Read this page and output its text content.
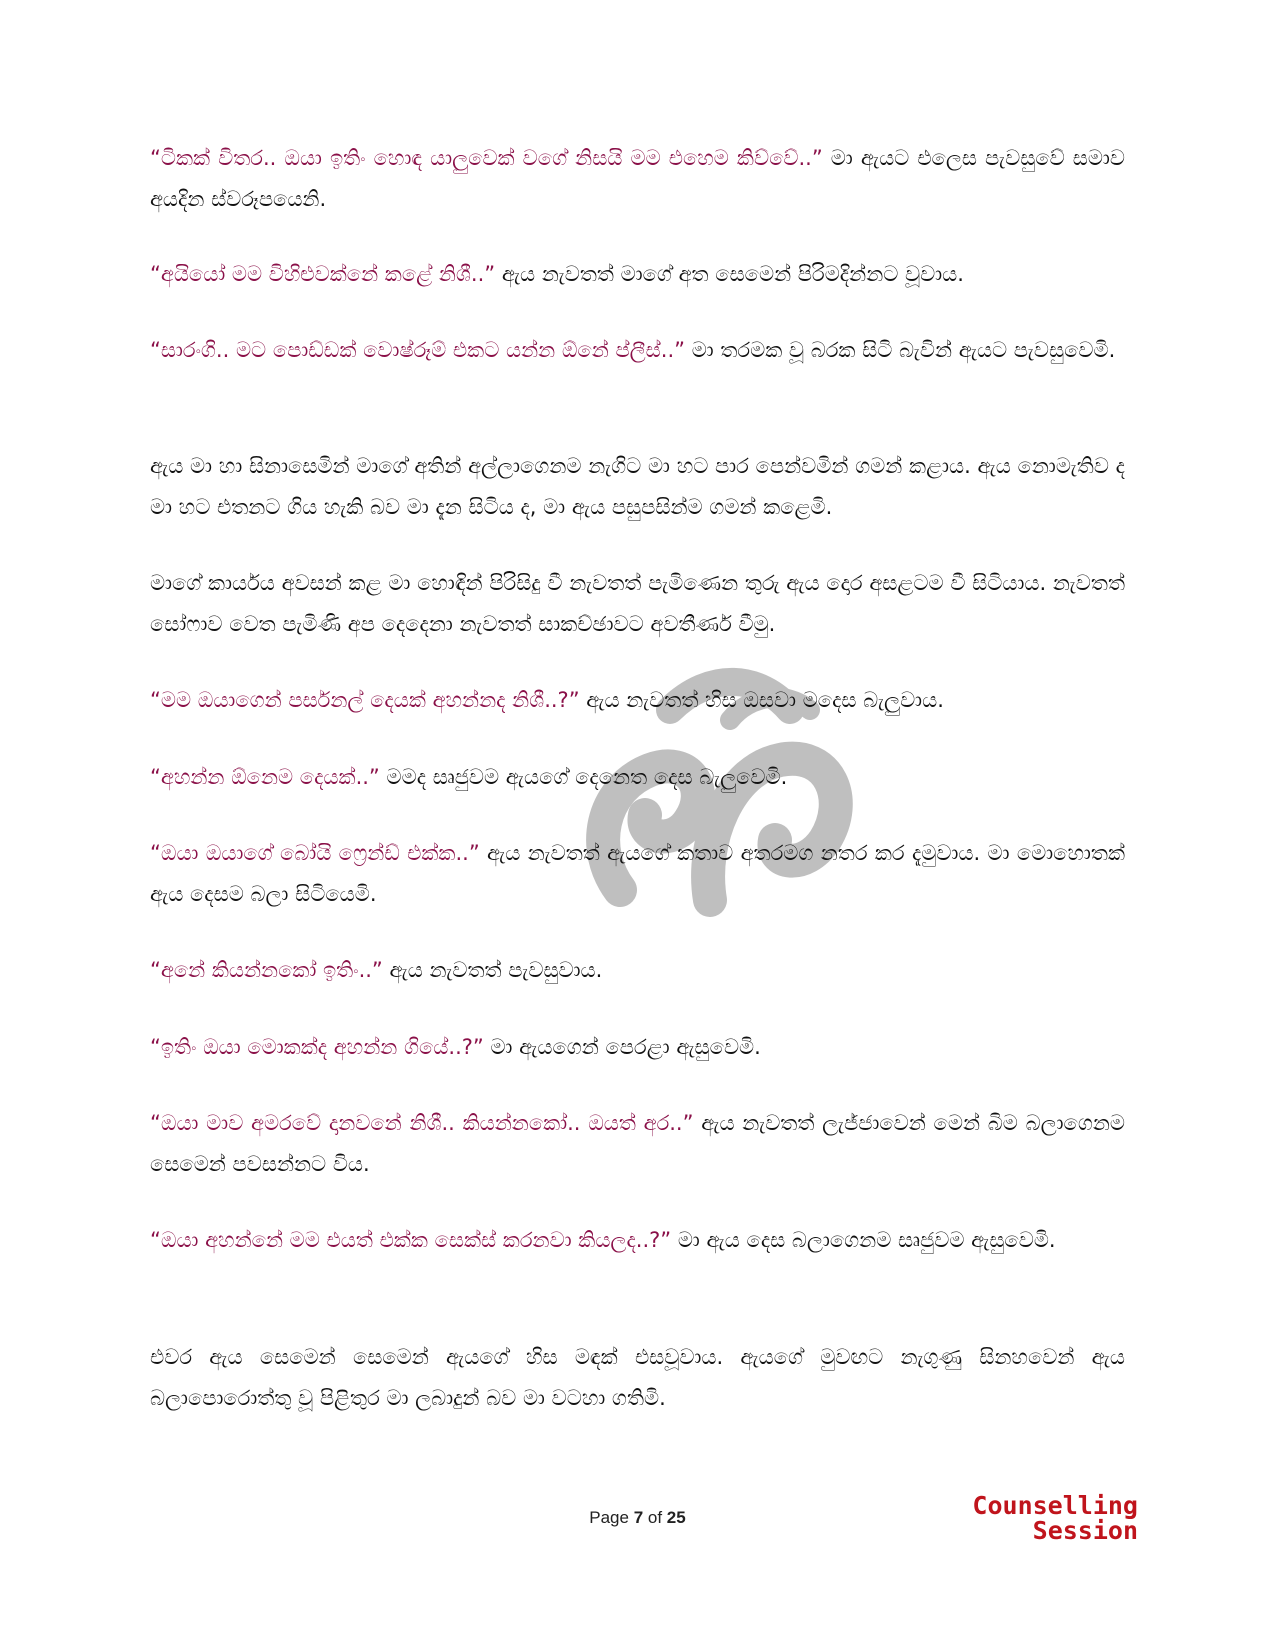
“ටිකක් විතර.. ඔයා ඉතිං හොඳ යාලුවෙක් වගේ නිසයි මම එහෙම කිව්වේ..” මා ඇයට එලෙස පැවසුවේ සමාව අයදින ස්වරූපයෙනි.

“අයියෝ මම විහිළුවක්නේ කළේ නිශී..” ඇය නැවතත් මාගේ අත සෙමෙන් පිරිමදින්නට වූවාය.

“සාරංගි.. මට පොඩ්ඩක් වොෂ්රූම් එකට යන්න ඕනේ ප්ලීස්..” මා තරමක වූ බරක සිටි බැවින් ඇයට පැවසුවෙමි.

ඇය මා හා සිනාසෙමින් මාගේ අතින් අල්ලාගෙනම නැගිට මා හට පාර පෙන්වමින් ගමන් කළාය. ඇය නොමැතිව ද මා හට එතනට ගිය හැකි බව මා දැන සිටිය ද, මා ඇය පසුපසින්ම ගමන් කළෙමි.

මාගේ කාර්යය අවසන් කළ මා හොඳින් පිරිසිදු වී නැවතත් පැමිණෙන තුරු ඇය දොර අසළටම වී සිටියාය. නැවතත් සෝෆාව වෙත පැමිණි අප දෙදෙනා නැවතත් සාකච්ඡාවට අවතීර්ණ වීමු.

“මම ඔයාගෙන් පර්සනල් දෙයක් අහන්නද නිශී..?” ඇය නැවතත් හිස ඔසවා මදෙස බැලුවාය.

“අහන්න ඕනෙම දෙයක්..” මමද සෘජුවම ඇයගේ දෙනෙත දෙස බැලුවෙමි.

“ඔයා ඔයාගේ බෝයි ෆ්‍රෙන්ඩ් එක්ක..” ඇය නැවතත් ඇයගේ කතාව අතරමග නතර කර දැමුවාය. මා මොහොතක් ඇය දෙසම බලා සිටියෙමි.

“අනේ කියන්නකෝ ඉතිං..” ඇය නැවතත් පැවසුවාය.

“ඉතිං ඔයා මොකක්ද අහන්න ගියේ..?” මා ඇයගෙන් පෙරළා ඇසුවෙමි.

“ඔයා මාව අමරවේ දානවනේ නිශී.. කියන්නකෝ.. ඔයත් අර..” ඇය නැවතත් ලැජ්ජාවෙන් මෙන් බිම බලාගෙනම සෙමෙන් පවසන්නට විය.

“ඔයා අහන්නේ මම එයත් එක්ක සෙක්ස් කරනවා කියලද..?” මා ඇය දෙස බලාගෙනම සෘජුවම ඇසුවෙමි.

එවර ඇය සෙමෙන් සෙමෙන් ඇයගේ හිස මඳක් එසවූවාය. ඇයගේ මුවඟට නැගුණු සිනහවෙන් ඇය බලාපොරොත්තු වූ පිළිතුර මා ලබාදුන් බව මා වටහා ගතිමි.

Page 7 of 25	Counselling
Session
